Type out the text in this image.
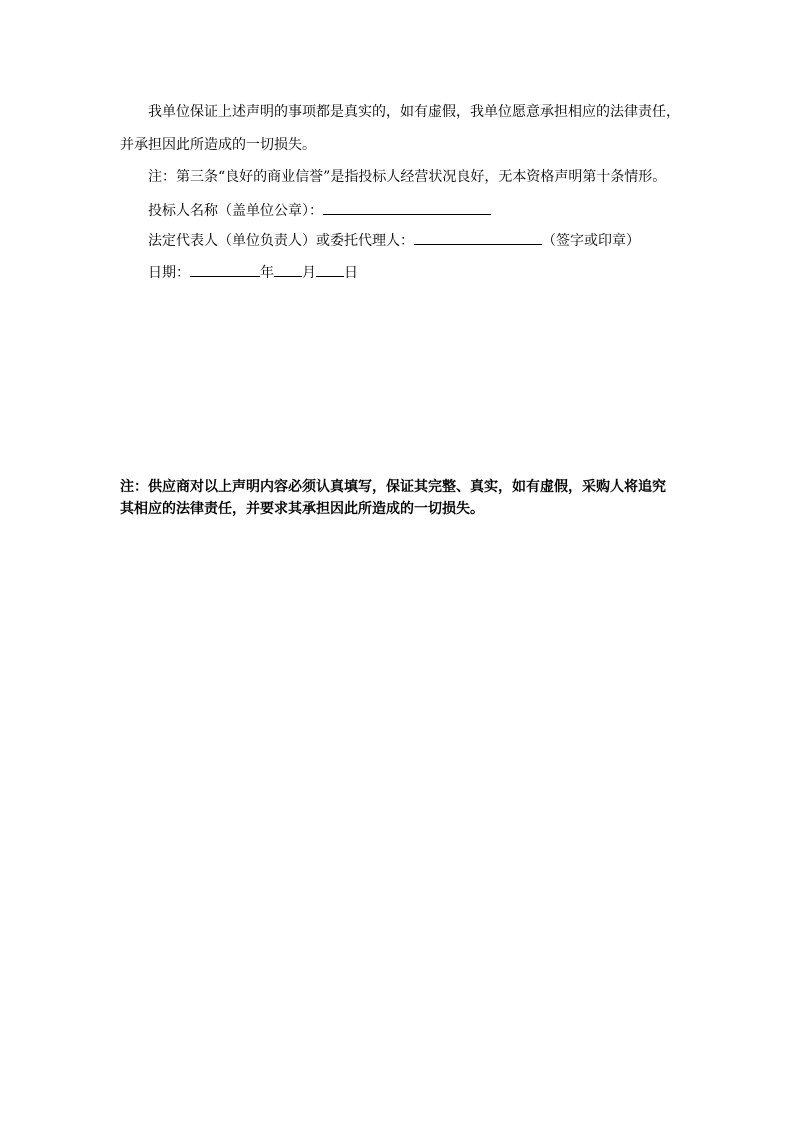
我单位保证上述声明的事项都是真实的，如有虚假，我单位愿意承担相应的法律责任，
并承担因此所造成的一切损失。
注：第三条“良好的商业信誉”是指投标人经营状况良好，无本资格声明第十条情形。
投标人名称（盖单位公章）：
法定代表人（单位负责人）或委托代理人：	（签字或印章）
日期：	年 月 日
注：供应商对以上声明内容必须认真填写，保证其完整、真实，如有虚假，采购人将追究
其相应的法律责任，并要求其承担因此所造成的一切损失。
